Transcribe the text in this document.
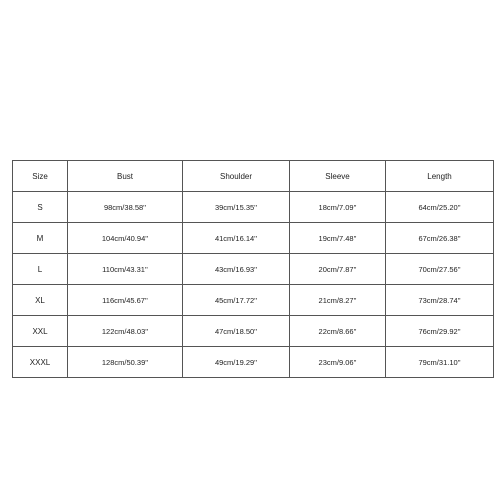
Size	Bust	Shoulder	Sleeve	Length
S	98cm/38.58''	39cm/15.35''	18cm/7.09''	64cm/25.20''
M	104cm/40.94''	41cm/16.14''	19cm/7.48''	67cm/26.38''
L	110cm/43.31''	43cm/16.93''	20cm/7.87''	70cm/27.56''
XL	116cm/45.67''	45cm/17.72''	21cm/8.27''	73cm/28.74''
XXL	122cm/48.03''	47cm/18.50''	22cm/8.66''	76cm/29.92''
XXXL	128cm/50.39''	49cm/19.29''	23cm/9.06''	79cm/31.10''
